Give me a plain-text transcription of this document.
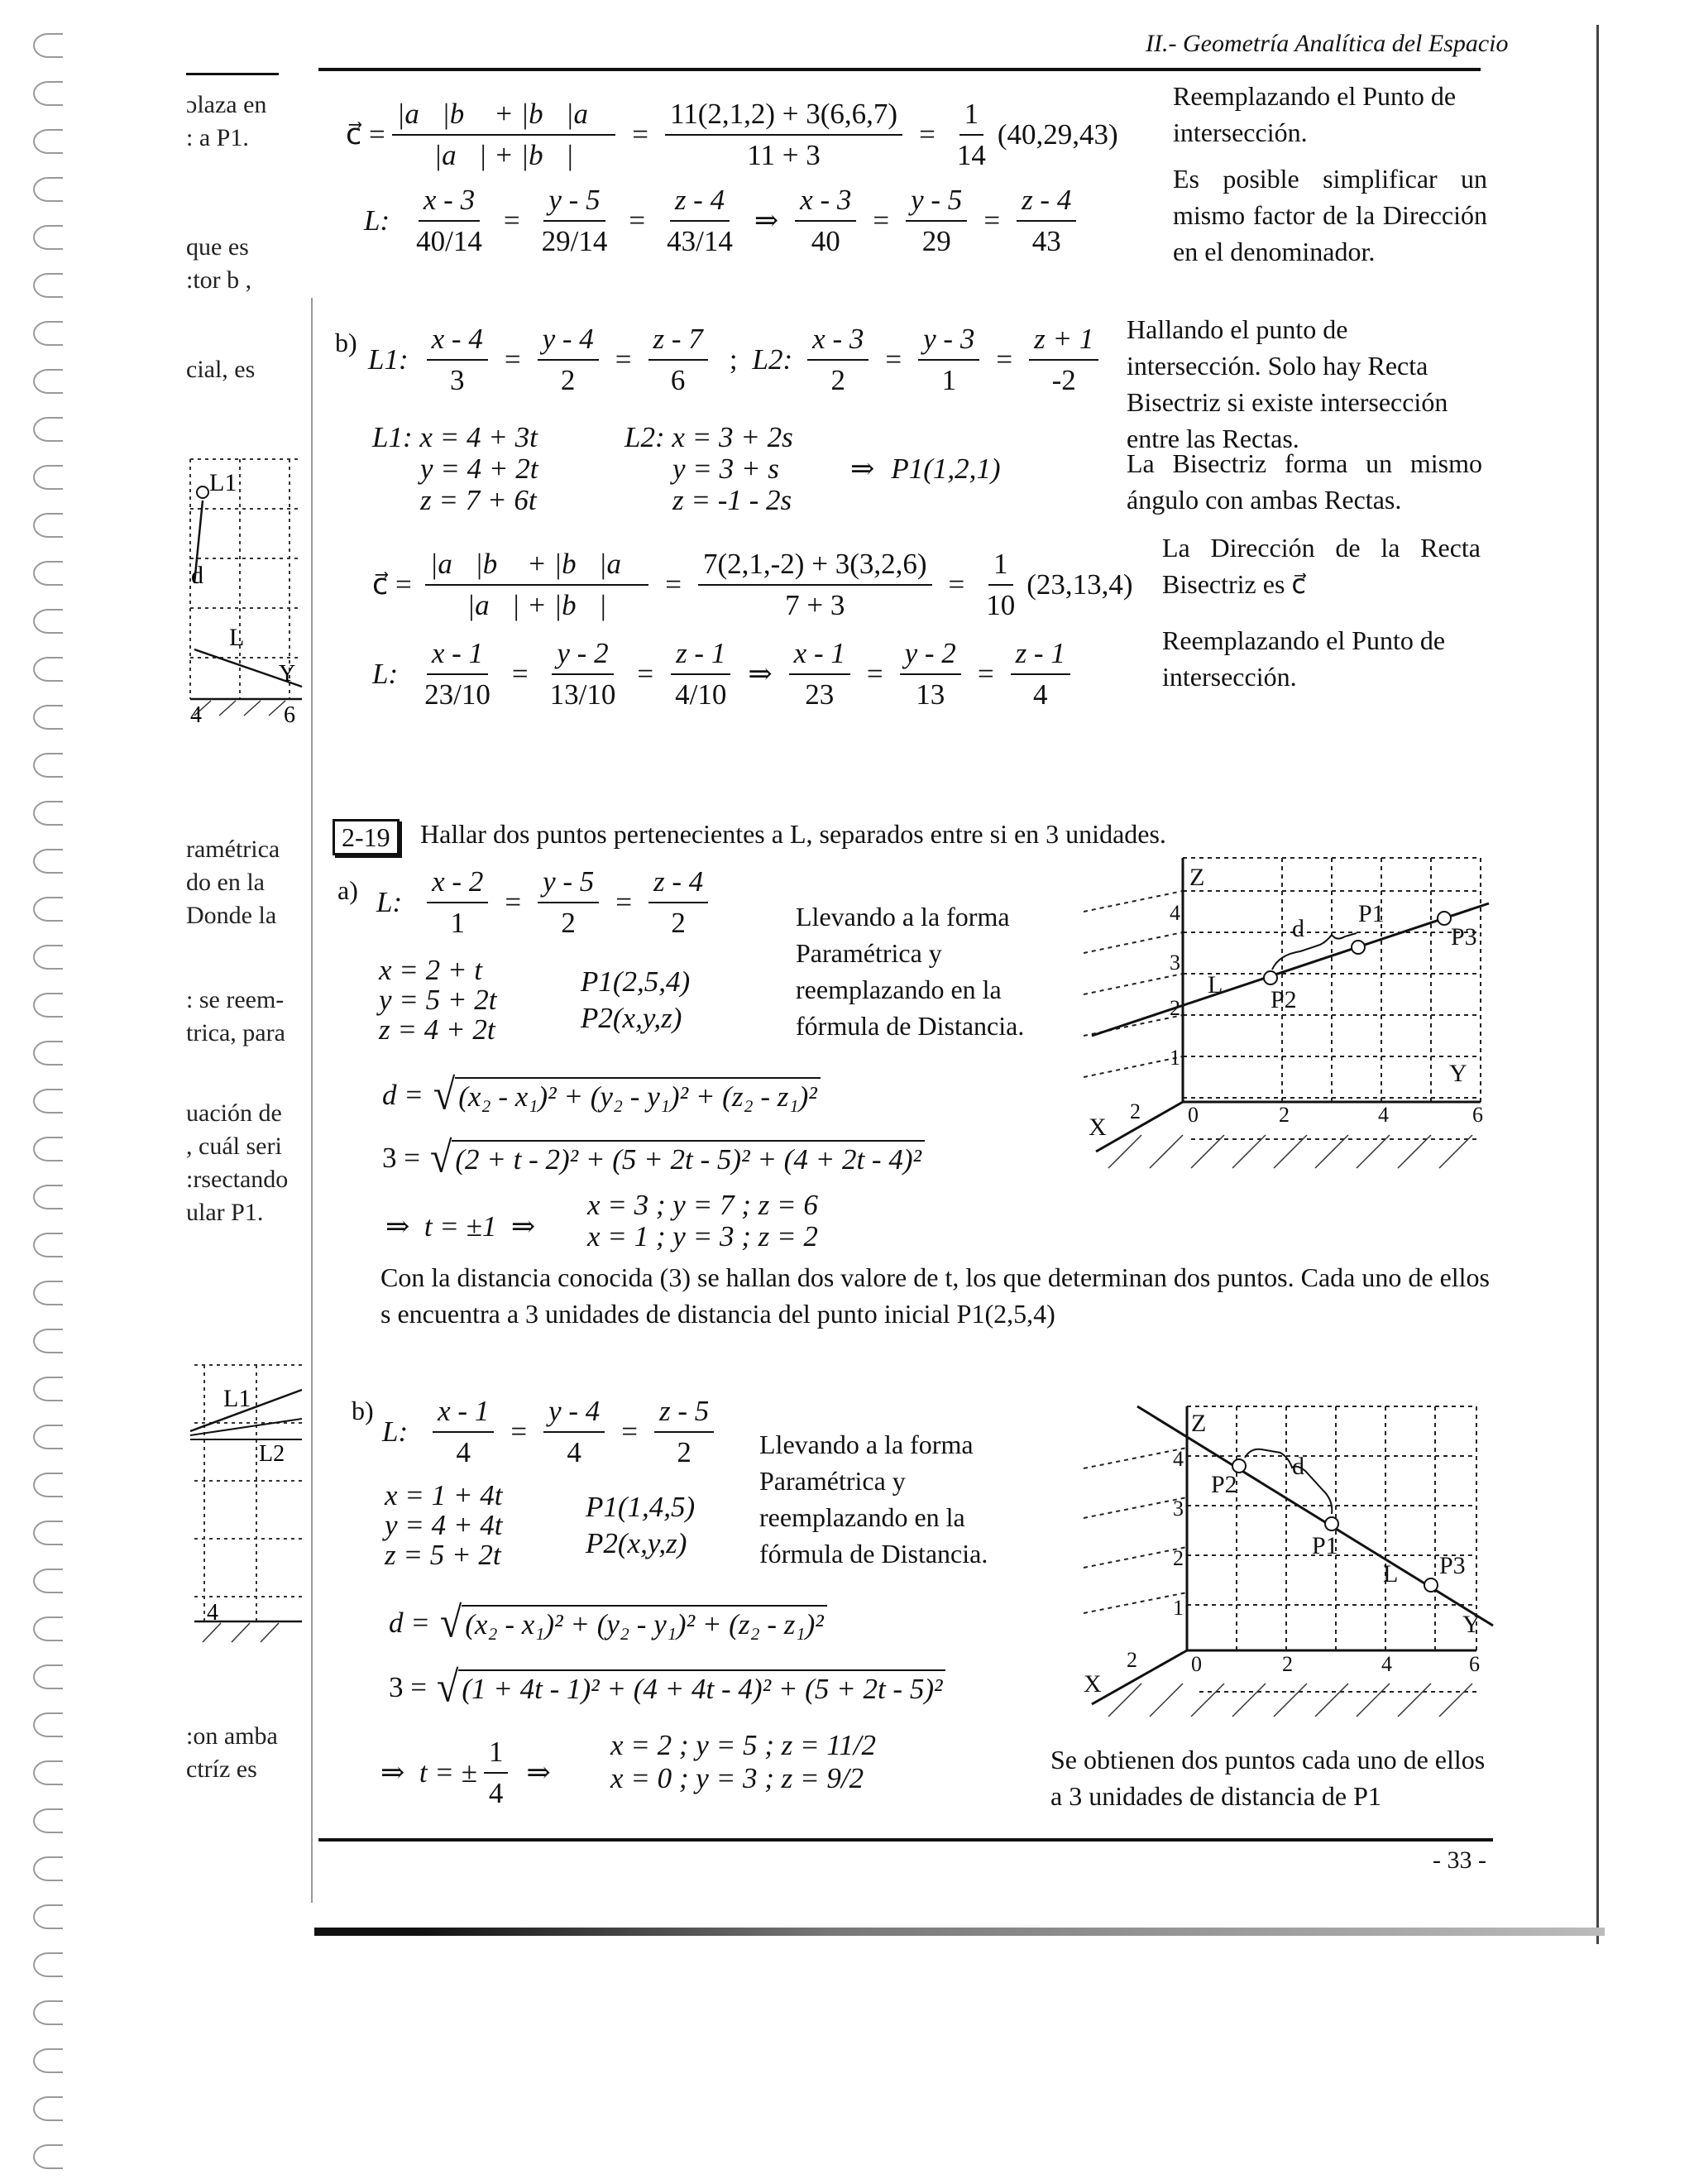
II.- Geometría Analítica del Espacio
ɔlaza en
: a P1.
que es
:tor b ,
cial, es
ramétrica
do en la
Donde la
: se reem-
trica, para
uación de
, cuál seri
:rsectando
ular P1.
:on amba
ctríz es
L1
d
L
Y
4	6
L1
L2
4
c⃗ = $\frac{|a⃗|b⃗ + |b⃗|a⃗}{|a⃗| + |b⃗|} = \frac{11(2,1,2) + 3(6,6,7)}{11 + 3} = \frac{1}{14} (40,29,43)$
L: $\frac{x - 3}{40/14} = \frac{y - 5}{29/14} = \frac{z - 4}{43/14}$ ⇒ $\frac{x - 3}{40} = \frac{y - 5}{29} = \frac{z - 4}{43}$
Reemplazando el Punto de intersección.
Es posible simplificar un mismo factor de la Dirección en el denominador.
b)
L1: $\frac{x - 4}{3} = \frac{y - 4}{2} = \frac{z - 7}{6}$ ; L2: $\frac{x - 3}{2} = \frac{y - 3}{1} = \frac{z + 1}{-2}$
L1: x = 4 + 3t
y = 4 + 2t
z = 7 + 6t
L2: x = 3 + 2s
y = 3 + s
z = -1 - 2s
⇒ P1(1,2,1)
c⃗ = $\frac{|a⃗|b⃗ + |b⃗|a⃗}{|a⃗| + |b⃗|} = \frac{7(2,1,-2) + 3(3,2,6)}{7 + 3} = \frac{1}{10} (23,13,4)$
L: $\frac{x - 1}{23/10} = \frac{y - 2}{13/10} = \frac{z - 1}{4/10}$ ⇒ $\frac{x - 1}{23} = \frac{y - 2}{13} = \frac{z - 1}{4}$
Hallando el punto de intersección. Solo hay Recta Bisectriz si existe intersección entre las Rectas.
La Bisectriz forma un mismo ángulo con ambas Rectas.
La Dirección de la Recta Bisectriz es c⃗
Reemplazando el Punto de intersección.
2-19	Hallar dos puntos pertenecientes a L, separados entre si en 3 unidades.
a) L: $\frac{x - 2}{1} = \frac{y - 5}{2} = \frac{z - 4}{2}$
x = 2 + t
y = 5 + 2t
z = 4 + 2t
P1(2,5,4)
P2(x,y,z)
Llevando a la forma Paramétrica y reemplazando en la fórmula de Distancia.
d = √ (x₂ - x₁)² + (y₂ - y₁)² + (z₂ - z₁)²
3 = √ (2 + t - 2)² + (5 + 2t - 5)² + (4 + 2t - 4)²
⇒  t = ±1  ⇒
x = 3 ; y = 7 ; z = 6
x = 1 ; y = 3 ; z = 2
Con la distancia conocida (3) se hallan dos valore de t, los que determinan dos puntos. Cada uno de ellos s encuentra a 3 unidades de distancia del punto inicial P1(2,5,4)
Z
Y
X
L
d
P1
P2
P3
1
2
3
4
0	2	4	6
2
b)
L: $\frac{x - 1}{4} = \frac{y - 4}{4} = \frac{z - 5}{2}$
x = 1 + 4t
y = 4 + 4t
z = 5 + 2t
P1(1,4,5)
P2(x,y,z)
Llevando a la forma Paramétrica y reemplazando en la fórmula de Distancia.
d = √ (x₂ - x₁)² + (y₂ - y₁)² + (z₂ - z₁)²
3 = √ (1 + 4t - 1)² + (4 + 4t - 4)² + (5 + 2t - 5)²
⇒  t = ± $\frac{1}{4}$ ⇒
x = 2 ; y = 5 ; z = 11/2
x = 0 ; y = 3 ; z = 9/2
Se obtienen dos puntos cada uno de ellos a 3 unidades de distancia de P1
Z
Y
X
L
d
P1
P2
P3
1
2
3
4
0	2	4	6
2
- 33 -
